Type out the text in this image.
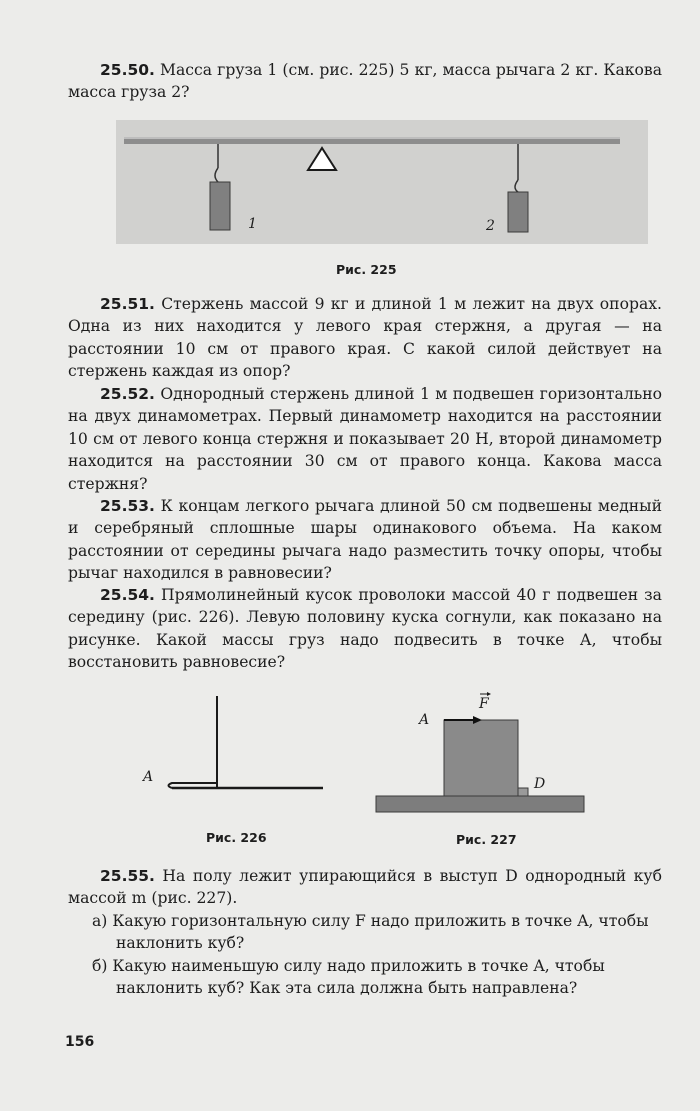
25.50. Масса груза 1 (см. рис. 225) 5 кг, масса рычага 2 кг. Какова масса груза 2?
1	2
Рис. 225
25.51. Стержень массой 9 кг и длиной 1 м лежит на двух опорах. Одна из них находится у левого края стержня, а другая — на расстоянии 10 см от правого края. С какой силой действует на стержень каждая из опор?
25.52. Однородный стержень длиной 1 м подвешен горизонтально на двух динамометрах. Первый динамометр находится на расстоянии 10 см от левого конца стержня и показывает 20 Н, второй динамометр находится на расстоянии 30 см от правого конца. Какова масса стержня?
25.53. К концам легкого рычага длиной 50 см подвешены медный и серебряный сплошные шары одинакового объема. На каком расстоянии от середины рычага надо разместить точку опоры, чтобы рычаг находился в равновесии?
25.54. Прямолинейный кусок проволоки массой 40 г подвешен за середину (рис. 226). Левую половину куска согнули, как показано на рисунке. Какой массы груз надо подвесить в точке А, чтобы восстановить равновесие?
A
Рис. 226
F
A
D
Рис. 227
25.55. На полу лежит упирающийся в выступ D однородный куб массой m (рис. 227).
а) Какую горизонтальную силу F надо приложить в точке A, чтобы наклонить куб?
б) Какую наименьшую силу надо приложить в точке A, чтобы наклонить куб? Как эта сила должна быть направлена?
156
